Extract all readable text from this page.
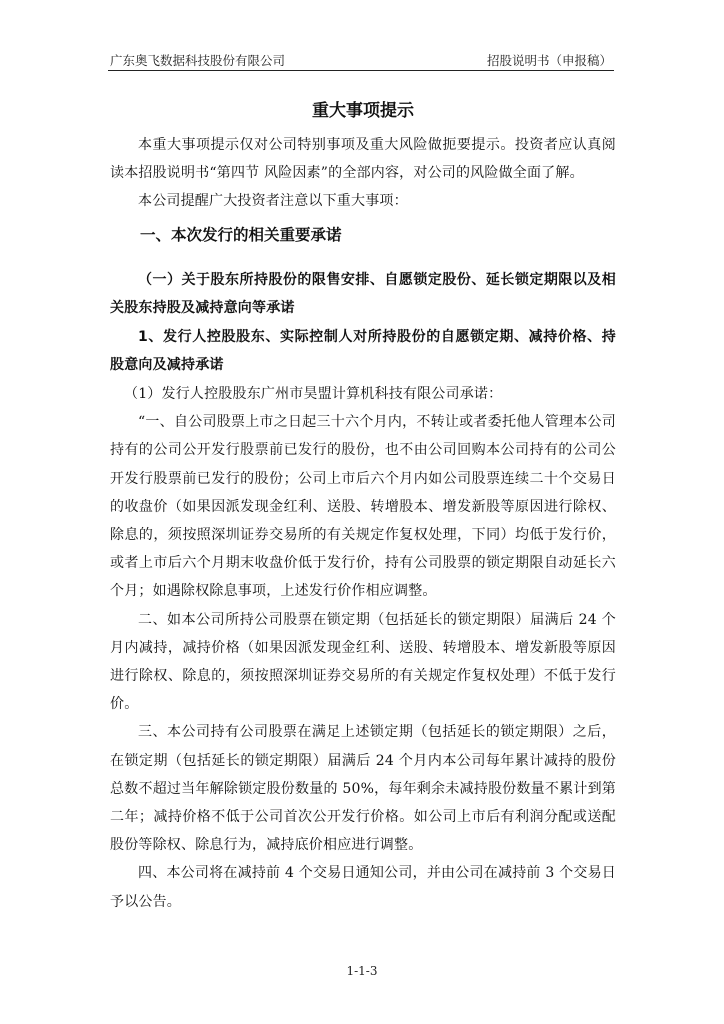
广东奥飞数据科技股份有限公司	招股说明书（申报稿）
重大事项提示

本重大事项提示仅对公司特别事项及重大风险做扼要提示。投资者应认真阅读本招股说明书“第四节 风险因素”的全部内容，对公司的风险做全面了解。

本公司提醒广大投资者注意以下重大事项：

一、本次发行的相关重要承诺

（一）关于股东所持股份的限售安排、自愿锁定股份、延长锁定期限以及相关股东持股及减持意向等承诺

1、发行人控股股东、实际控制人对所持股份的自愿锁定期、减持价格、持股意向及减持承诺

（1）发行人控股股东广州市昊盟计算机科技有限公司承诺：

“一、自公司股票上市之日起三十六个月内，不转让或者委托他人管理本公司持有的公司公开发行股票前已发行的股份，也不由公司回购本公司持有的公司公开发行股票前已发行的股份；公司上市后六个月内如公司股票连续二十个交易日的收盘价（如果因派发现金红利、送股、转增股本、增发新股等原因进行除权、除息的，须按照深圳证券交易所的有关规定作复权处理，下同）均低于发行价，或者上市后六个月期末收盘价低于发行价，持有公司股票的锁定期限自动延长六个月；如遇除权除息事项，上述发行价作相应调整。

二、如本公司所持公司股票在锁定期（包括延长的锁定期限）届满后 24 个月内减持，减持价格（如果因派发现金红利、送股、转增股本、增发新股等原因进行除权、除息的，须按照深圳证券交易所的有关规定作复权处理）不低于发行价。

三、本公司持有公司股票在满足上述锁定期（包括延长的锁定期限）之后，在锁定期（包括延长的锁定期限）届满后 24 个月内本公司每年累计减持的股份总数不超过当年解除锁定股份数量的 50%，每年剩余未减持股份数量不累计到第二年；减持价格不低于公司首次公开发行价格。如公司上市后有利润分配或送配股份等除权、除息行为，减持底价相应进行调整。

四、本公司将在减持前 4 个交易日通知公司，并由公司在减持前 3 个交易日予以公告。

1-1-3
